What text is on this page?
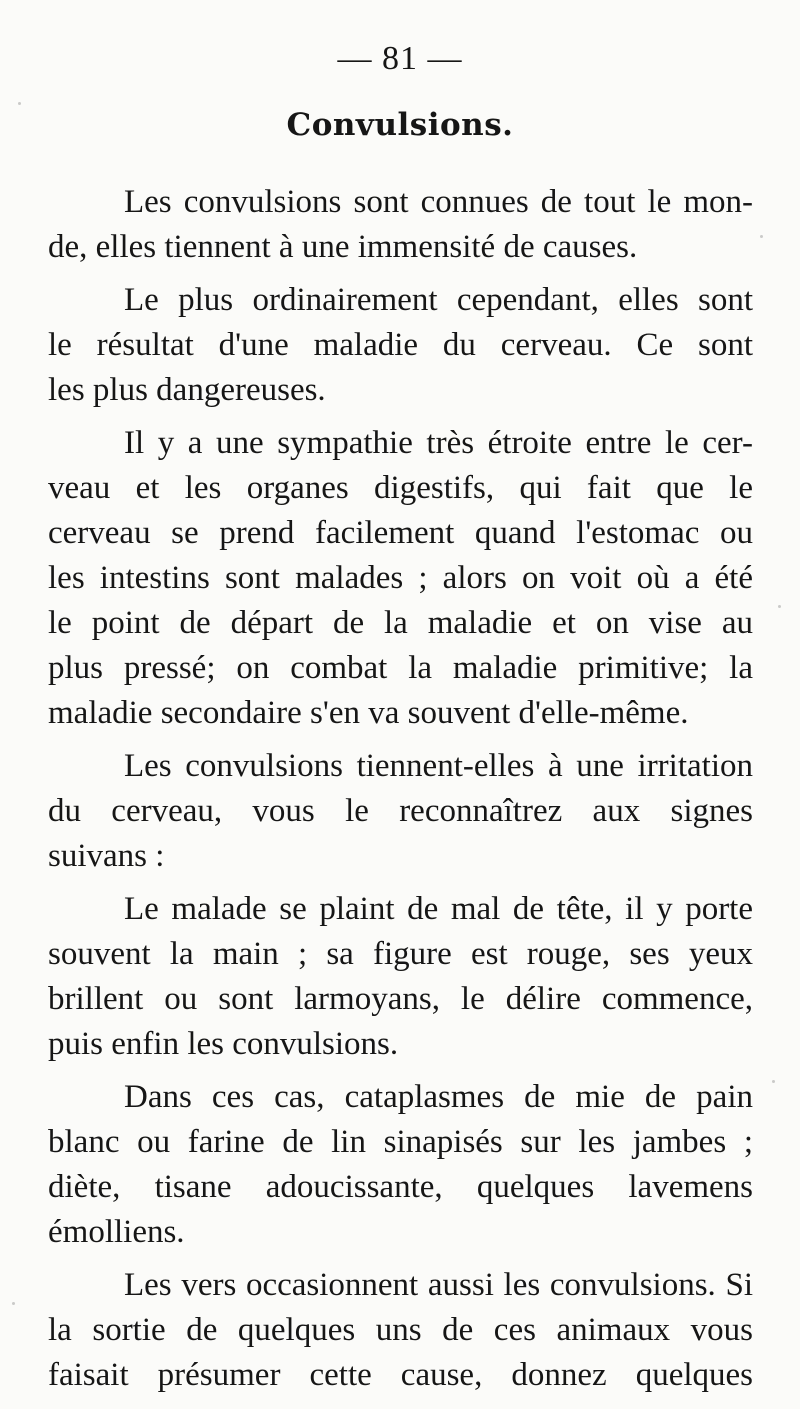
— 81 —
Convulsions.

Les convulsions sont connues de tout le mon-
de, elles tiennent à une immensité de causes.

Le plus ordinairement cependant, elles sont
le résultat d'une maladie du cerveau. Ce sont
les plus dangereuses.

Il y a une sympathie très étroite entre le cer-
veau et les organes digestifs, qui fait que le
cerveau se prend facilement quand l'estomac ou
les intestins sont malades ; alors on voit où a été
le point de départ de la maladie et on vise au
plus pressé; on combat la maladie primitive; la
maladie secondaire s'en va souvent d'elle-même.

Les convulsions tiennent-elles à une irritation
du cerveau, vous le reconnaîtrez aux signes
suivans :

Le malade se plaint de mal de tête, il y porte
souvent la main ; sa figure est rouge, ses yeux
brillent ou sont larmoyans, le délire commence,
puis enfin les convulsions.

Dans ces cas, cataplasmes de mie de pain
blanc ou farine de lin sinapisés sur les jambes ;
diète, tisane adoucissante, quelques lavemens
émolliens.

Les vers occasionnent aussi les convulsions. Si
la sortie de quelques uns de ces animaux vous
faisait présumer cette cause, donnez quelques
